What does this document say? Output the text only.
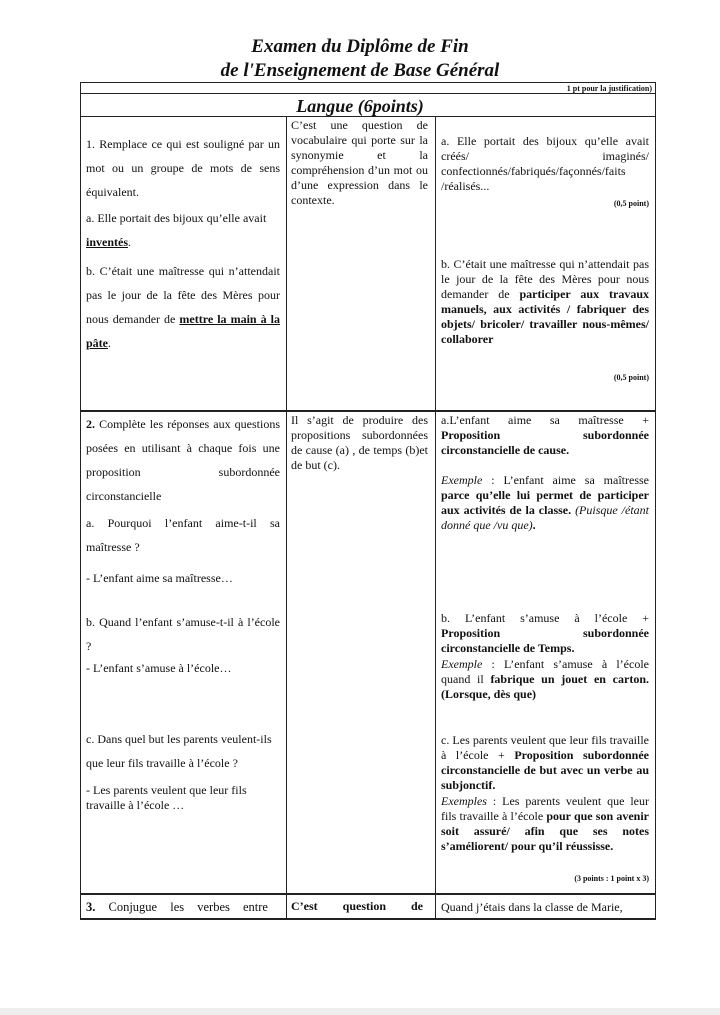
Examen du Diplôme de Fin
de l'Enseignement de Base Général
1 pt pour la justification)
Langue (6points)
1. Remplace ce qui est souligné par un mot ou un groupe de mots de sens équivalent.
a. Elle portait des bijoux qu’elle avait inventés.
b. C’était une maîtresse qui n’attendait pas le jour de la fête des Mères pour nous demander de mettre la main à la pâte.
C’est une question de vocabulaire qui porte sur la synonymie et la compréhension d’un mot ou d’une expression dans le contexte.
a. Elle portait des bijoux qu’elle avait créés/ imaginés/ confectionnés/fabriqués/façonnés/faits /réalisés...
(0,5 point)
b. C’était une maîtresse qui n’attendait pas le jour de la fête des Mères pour nous demander de participer aux travaux manuels, aux activités / fabriquer des objets/ bricoler/ travailler nous-mêmes/ collaborer
(0,5 point)
2. Complète les réponses aux questions posées en utilisant à chaque fois une proposition subordonnée circonstancielle
a. Pourquoi l’enfant aime-t-il sa maîtresse ?
- L’enfant aime sa maîtresse…
b. Quand l’enfant s’amuse-t-il à l’école ?
- L’enfant s’amuse à l’école…
c. Dans quel but les parents veulent-ils que leur fils travaille à l’école ?
- Les parents veulent que leur fils travaille à l’école …
Il s’agit de produire des propositions subordonnées de cause (a) , de temps (b)et de but (c).
a.L’enfant aime sa maîtresse + Proposition subordonnée circonstancielle de cause.
Exemple : L’enfant aime sa maîtresse parce qu’elle lui permet de participer aux activités de la classe. (Puisque /étant donné que /vu que).
b. L’enfant s’amuse à l’école + Proposition subordonnée circonstancielle de Temps.
Exemple : L’enfant s’amuse à l’école quand il fabrique un jouet en carton. (Lorsque, dès que)
c. Les parents veulent que leur fils travaille à l’école + Proposition subordonnée circonstancielle de but avec un verbe au subjonctif.
Exemples : Les parents veulent que leur fils travaille à l’école pour que son avenir soit assuré/ afin que ses notes s’améliorent/ pour qu’il réussisse.
(3 points : 1 point x 3)
3. Conjugue les verbes entre	C’est question de	Quand j’étais dans la classe de Marie,
